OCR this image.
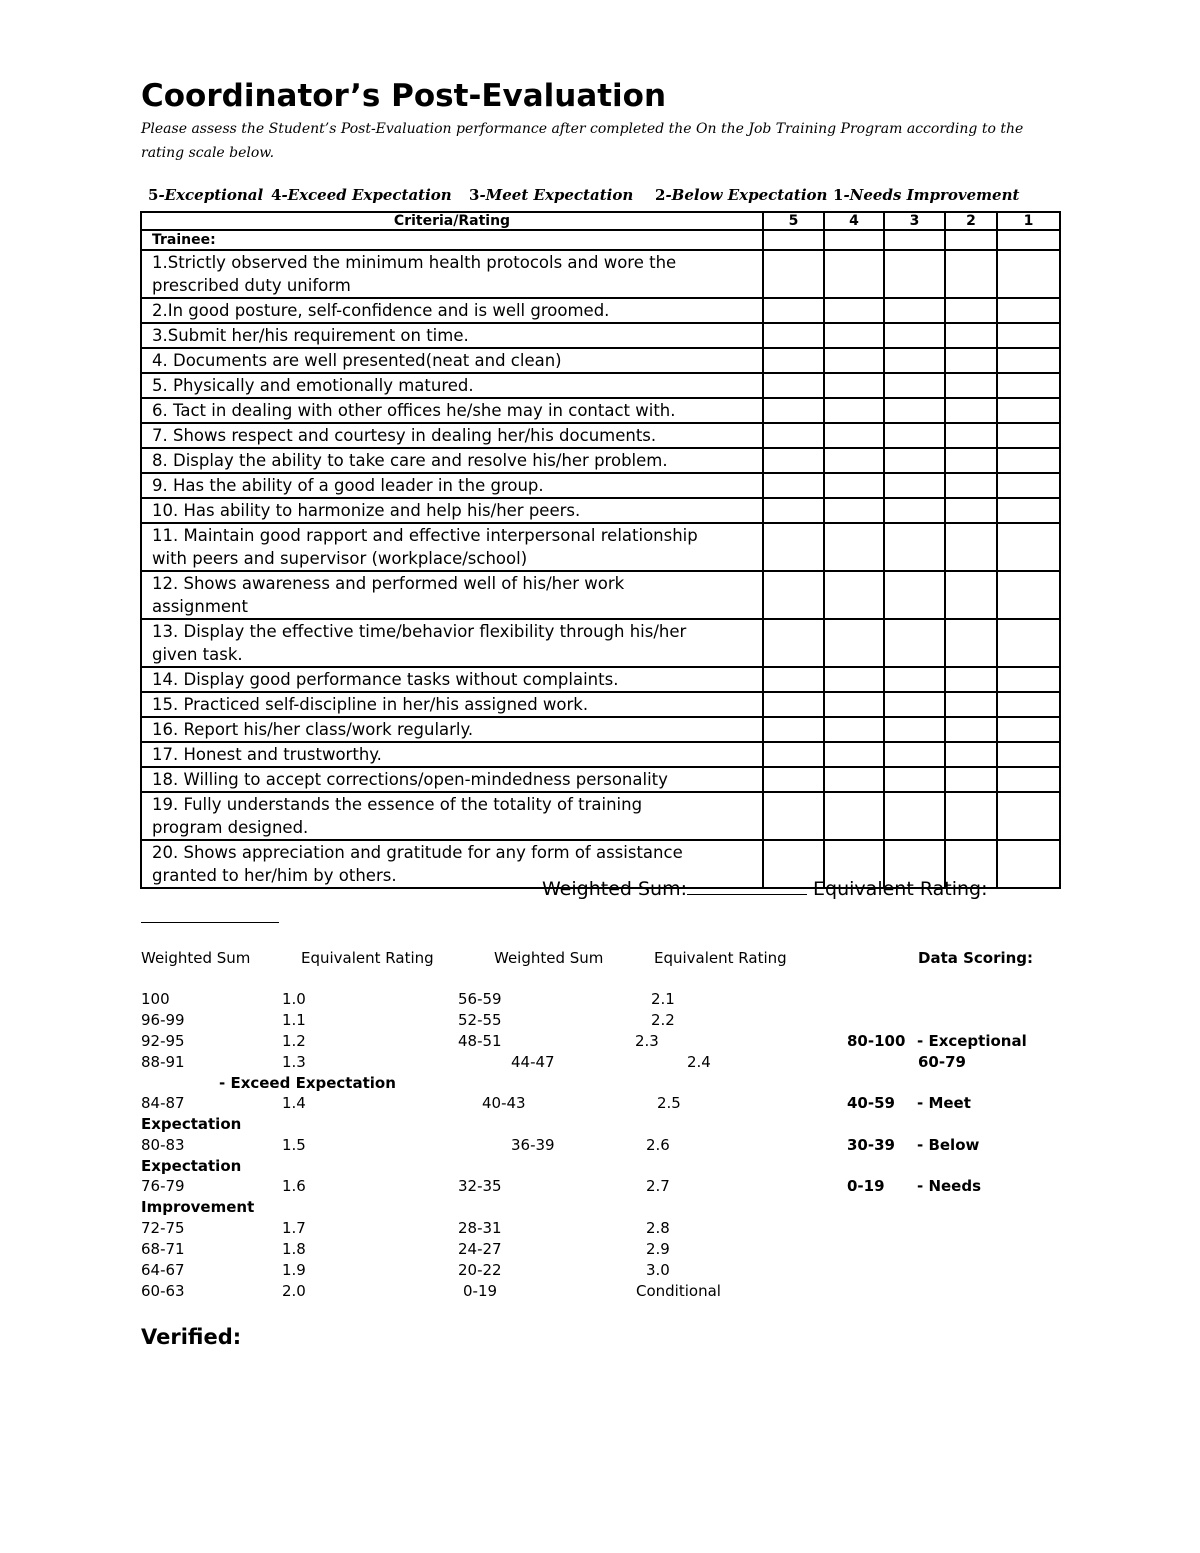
Coordinator’s Post-Evaluation
Please assess the Student’s Post-Evaluation performance after completed the On the Job Training Program according to the rating scale below.
5-Exceptional 4-Exceed Expectation 3-Meet Expectation 2-Below Expectation 1-Needs Improvement
Criteria/Rating	5	4	3	2	1
Trainee:					

1.Strictly observed the minimum health protocols and wore the
prescribed duty uniform					

2.In good posture, self-confidence and is well groomed.					

3.Submit her/his requirement on time.					

4. Documents are well presented(neat and clean)					

5. Physically and emotionally matured.					

6. Tact in dealing with other offices he/she may in contact with.					

7. Shows respect and courtesy in dealing her/his documents.					

8. Display the ability to take care and resolve his/her problem.					

9. Has the ability of a good leader in the group.					

10. Has ability to harmonize and help his/her peers.					

11. Maintain good rapport and effective interpersonal relationship
with peers and supervisor (workplace/school)					

12. Shows awareness and performed well of his/her work
assignment					

13. Display the effective time/behavior flexibility through his/her
given task.					

14. Display good performance tasks without complaints.					

15. Practiced self-discipline in her/his assigned work.					

16. Report his/her class/work regularly.					

17. Honest and trustworthy.					

18. Willing to accept corrections/open-mindedness personality					

19. Fully understands the essence of the totality of training
program designed.					

20. Shows appreciation and gratitude for any form of assistance
granted to her/him by others.					

Weighted Sum:	Equivalent Rating:
Weighted Sum	Equivalent Rating	Weighted Sum	Equivalent Rating	Data Scoring:
100	1.0	56-59	2.1
96-99	1.1	52-55	2.2
92-95	1.2	48-51	2.3
88-91	1.3	44-47	2.4
84-87	1.4	40-43	2.5
80-83	1.5	36-39	2.6
76-79	1.6	32-35	2.7
72-75	1.7	28-31	2.8
68-71	1.8	24-27	2.9
64-67	1.9	20-22	3.0
60-63	2.0	0-19	Conditional
80-100 - Exceptional
60-79
- Exceed Expectation
40-59 - Meet
Expectation
30-39 - Below
Expectation
0-19 - Needs
Improvement
Verified:
